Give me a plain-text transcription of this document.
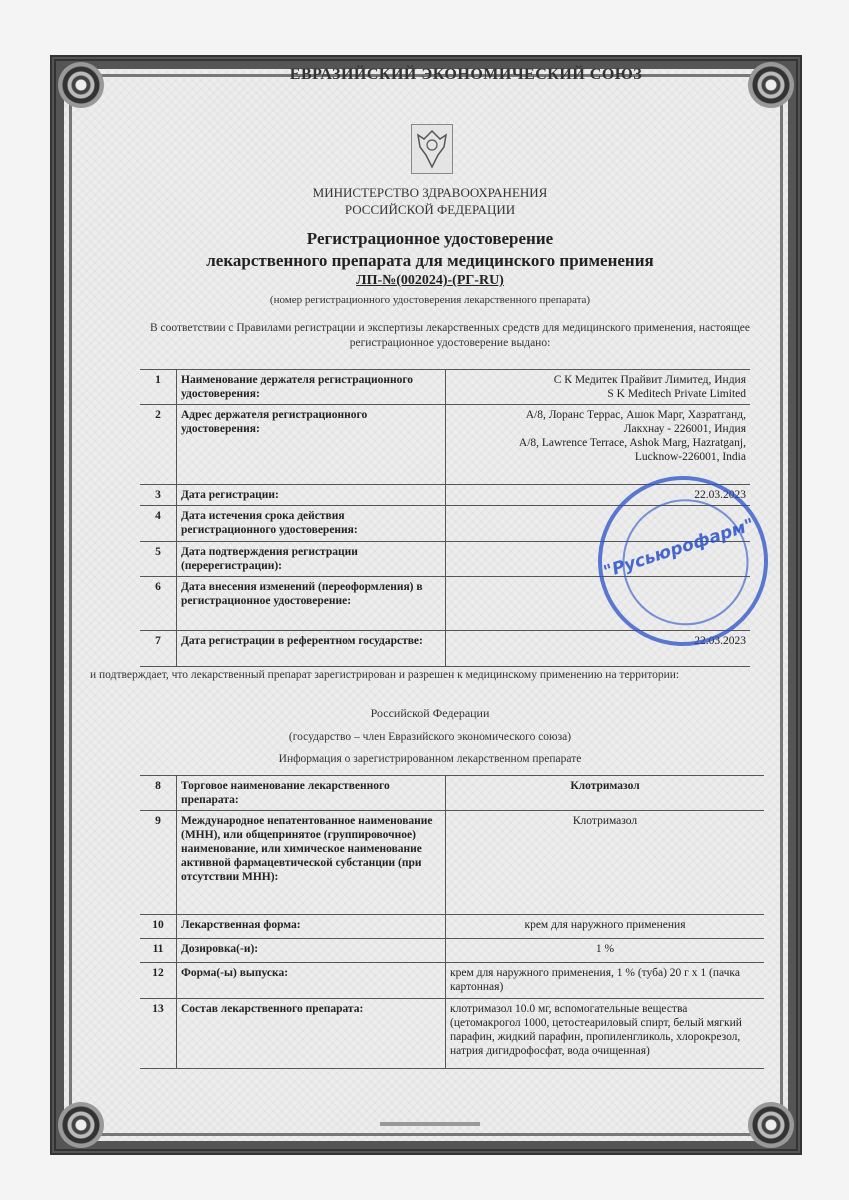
ЕВРАЗИЙСКИЙ ЭКОНОМИЧЕСКИЙ СОЮЗ
МИНИСТЕРСТВО ЗДРАВООХРАНЕНИЯ
РОССИЙСКОЙ ФЕДЕРАЦИИ
Регистрационное удостоверение
лекарственного препарата для медицинского применения
ЛП-№(002024)-(РГ-RU)
(номер регистрационного удостоверения лекарственного препарата)
В соответствии с Правилами регистрации и экспертизы лекарственных средств для медицинского применения, настоящее регистрационное удостоверение выдано:
1	Наименование держателя регистрационного удостоверения:	С К Медитек Прайвит Лимитед, Индия
S K Meditech Private Limited

2	Адрес держателя регистрационного удостоверения:	А/8, Лоранс Террас, Ашок Марг, Хазратганд,
Лакхнау - 226001, Индия
A/8, Lawrence Terrace, Ashok Marg, Hazratganj,
Lucknow-226001, India

3	Дата регистрации:	22.03.2023

4	Дата истечения срока действия регистрационного удостоверения:	

5	Дата подтверждения регистрации (перерегистрации):	

6	Дата внесения изменений (переоформления) в регистрационное удостоверение:	

7	Дата регистрации в референтном государстве:	22.03.2023
"Русьюрофарм"
и подтверждает, что лекарственный препарат зарегистрирован и разрешен к медицинскому применению на территории:
Российской Федерации
(государство – член Евразийского экономического союза)
Информация о зарегистрированном лекарственном препарате
8	Торговое наименование лекарственного препарата:	Клотримазол
9	Международное непатентованное наименование (МНН), или общепринятое (группировочное) наименование, или химическое наименование активной фармацевтической субстанции (при отсутствии МНН):	Клотримазол
10	Лекарственная форма:	крем для наружного применения
11	Дозировка(-и):	1 %
12	Форма(-ы) выпуска:	крем для наружного применения, 1 % (туба) 20 г х 1 (пачка картонная)
13	Состав лекарственного препарата:	клотримазол 10.0 мг, вспомогательные вещества (цетомакрогол 1000, цетостеариловый спирт, белый мягкий парафин, жидкий парафин, пропиленгликоль, хлорокрезол, натрия дигидрофосфат, вода очищенная)
